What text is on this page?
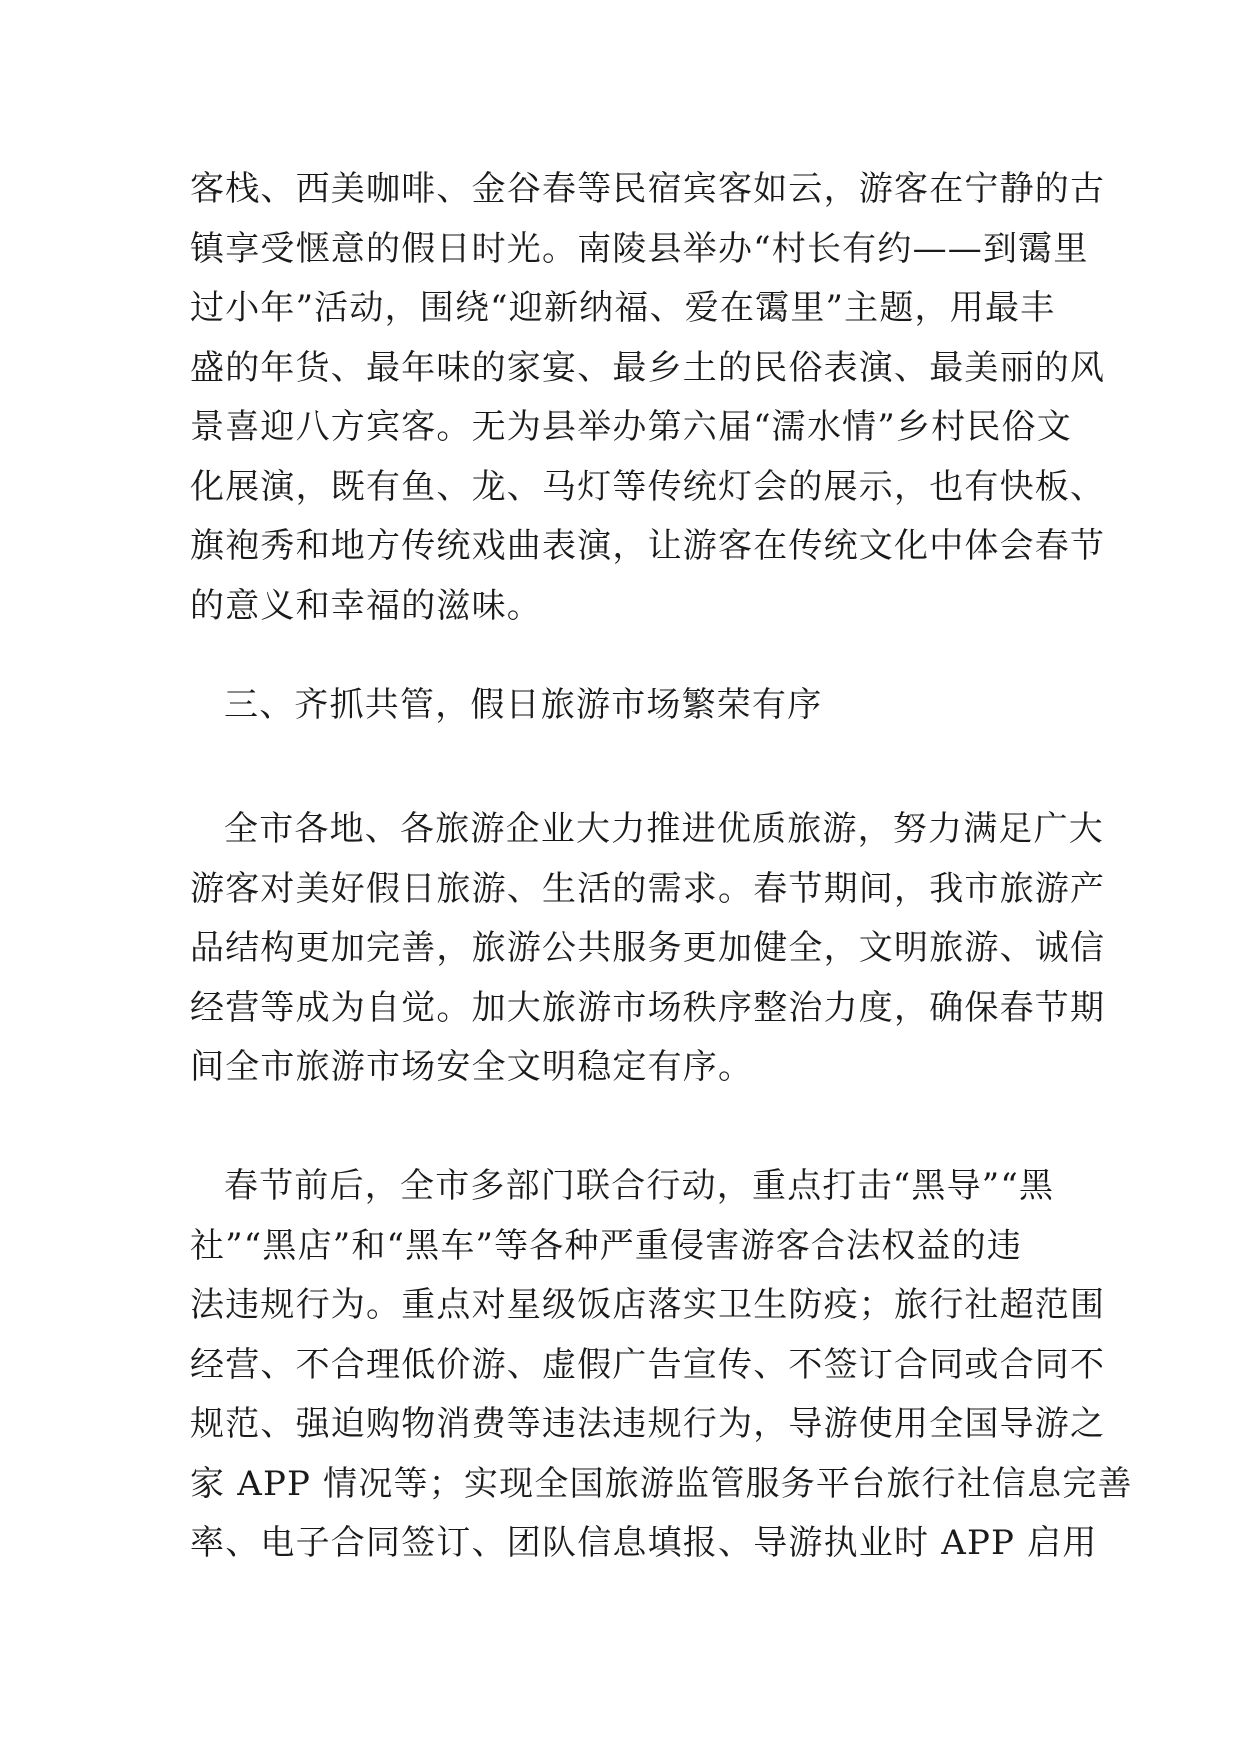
客栈、西美咖啡、金谷春等民宿宾客如云，游客在宁静的古
镇享受惬意的假日时光。南陵县举办“村长有约——到霭里
过小年”活动，围绕“迎新纳福、爱在霭里”主题，用最丰
盛的年货、最年味的家宴、最乡土的民俗表演、最美丽的风
景喜迎八方宾客。无为县举办第六届“濡水情”乡村民俗文
化展演，既有鱼、龙、马灯等传统灯会的展示，也有快板、
旗袍秀和地方传统戏曲表演，让游客在传统文化中体会春节
的意义和幸福的滋味。
三、齐抓共管，假日旅游市场繁荣有序
全市各地、各旅游企业大力推进优质旅游，努力满足广大
游客对美好假日旅游、生活的需求。春节期间，我市旅游产
品结构更加完善，旅游公共服务更加健全，文明旅游、诚信
经营等成为自觉。加大旅游市场秩序整治力度，确保春节期
间全市旅游市场安全文明稳定有序。
春节前后，全市多部门联合行动，重点打击“黑导”“黑
社”“黑店”和“黑车”等各种严重侵害游客合法权益的违
法违规行为。重点对星级饭店落实卫生防疫；旅行社超范围
经营、不合理低价游、虚假广告宣传、不签订合同或合同不
规范、强迫购物消费等违法违规行为，导游使用全国导游之
家 APP 情况等；实现全国旅游监管服务平台旅行社信息完善
率、电子合同签订、团队信息填报、导游执业时 APP 启用
